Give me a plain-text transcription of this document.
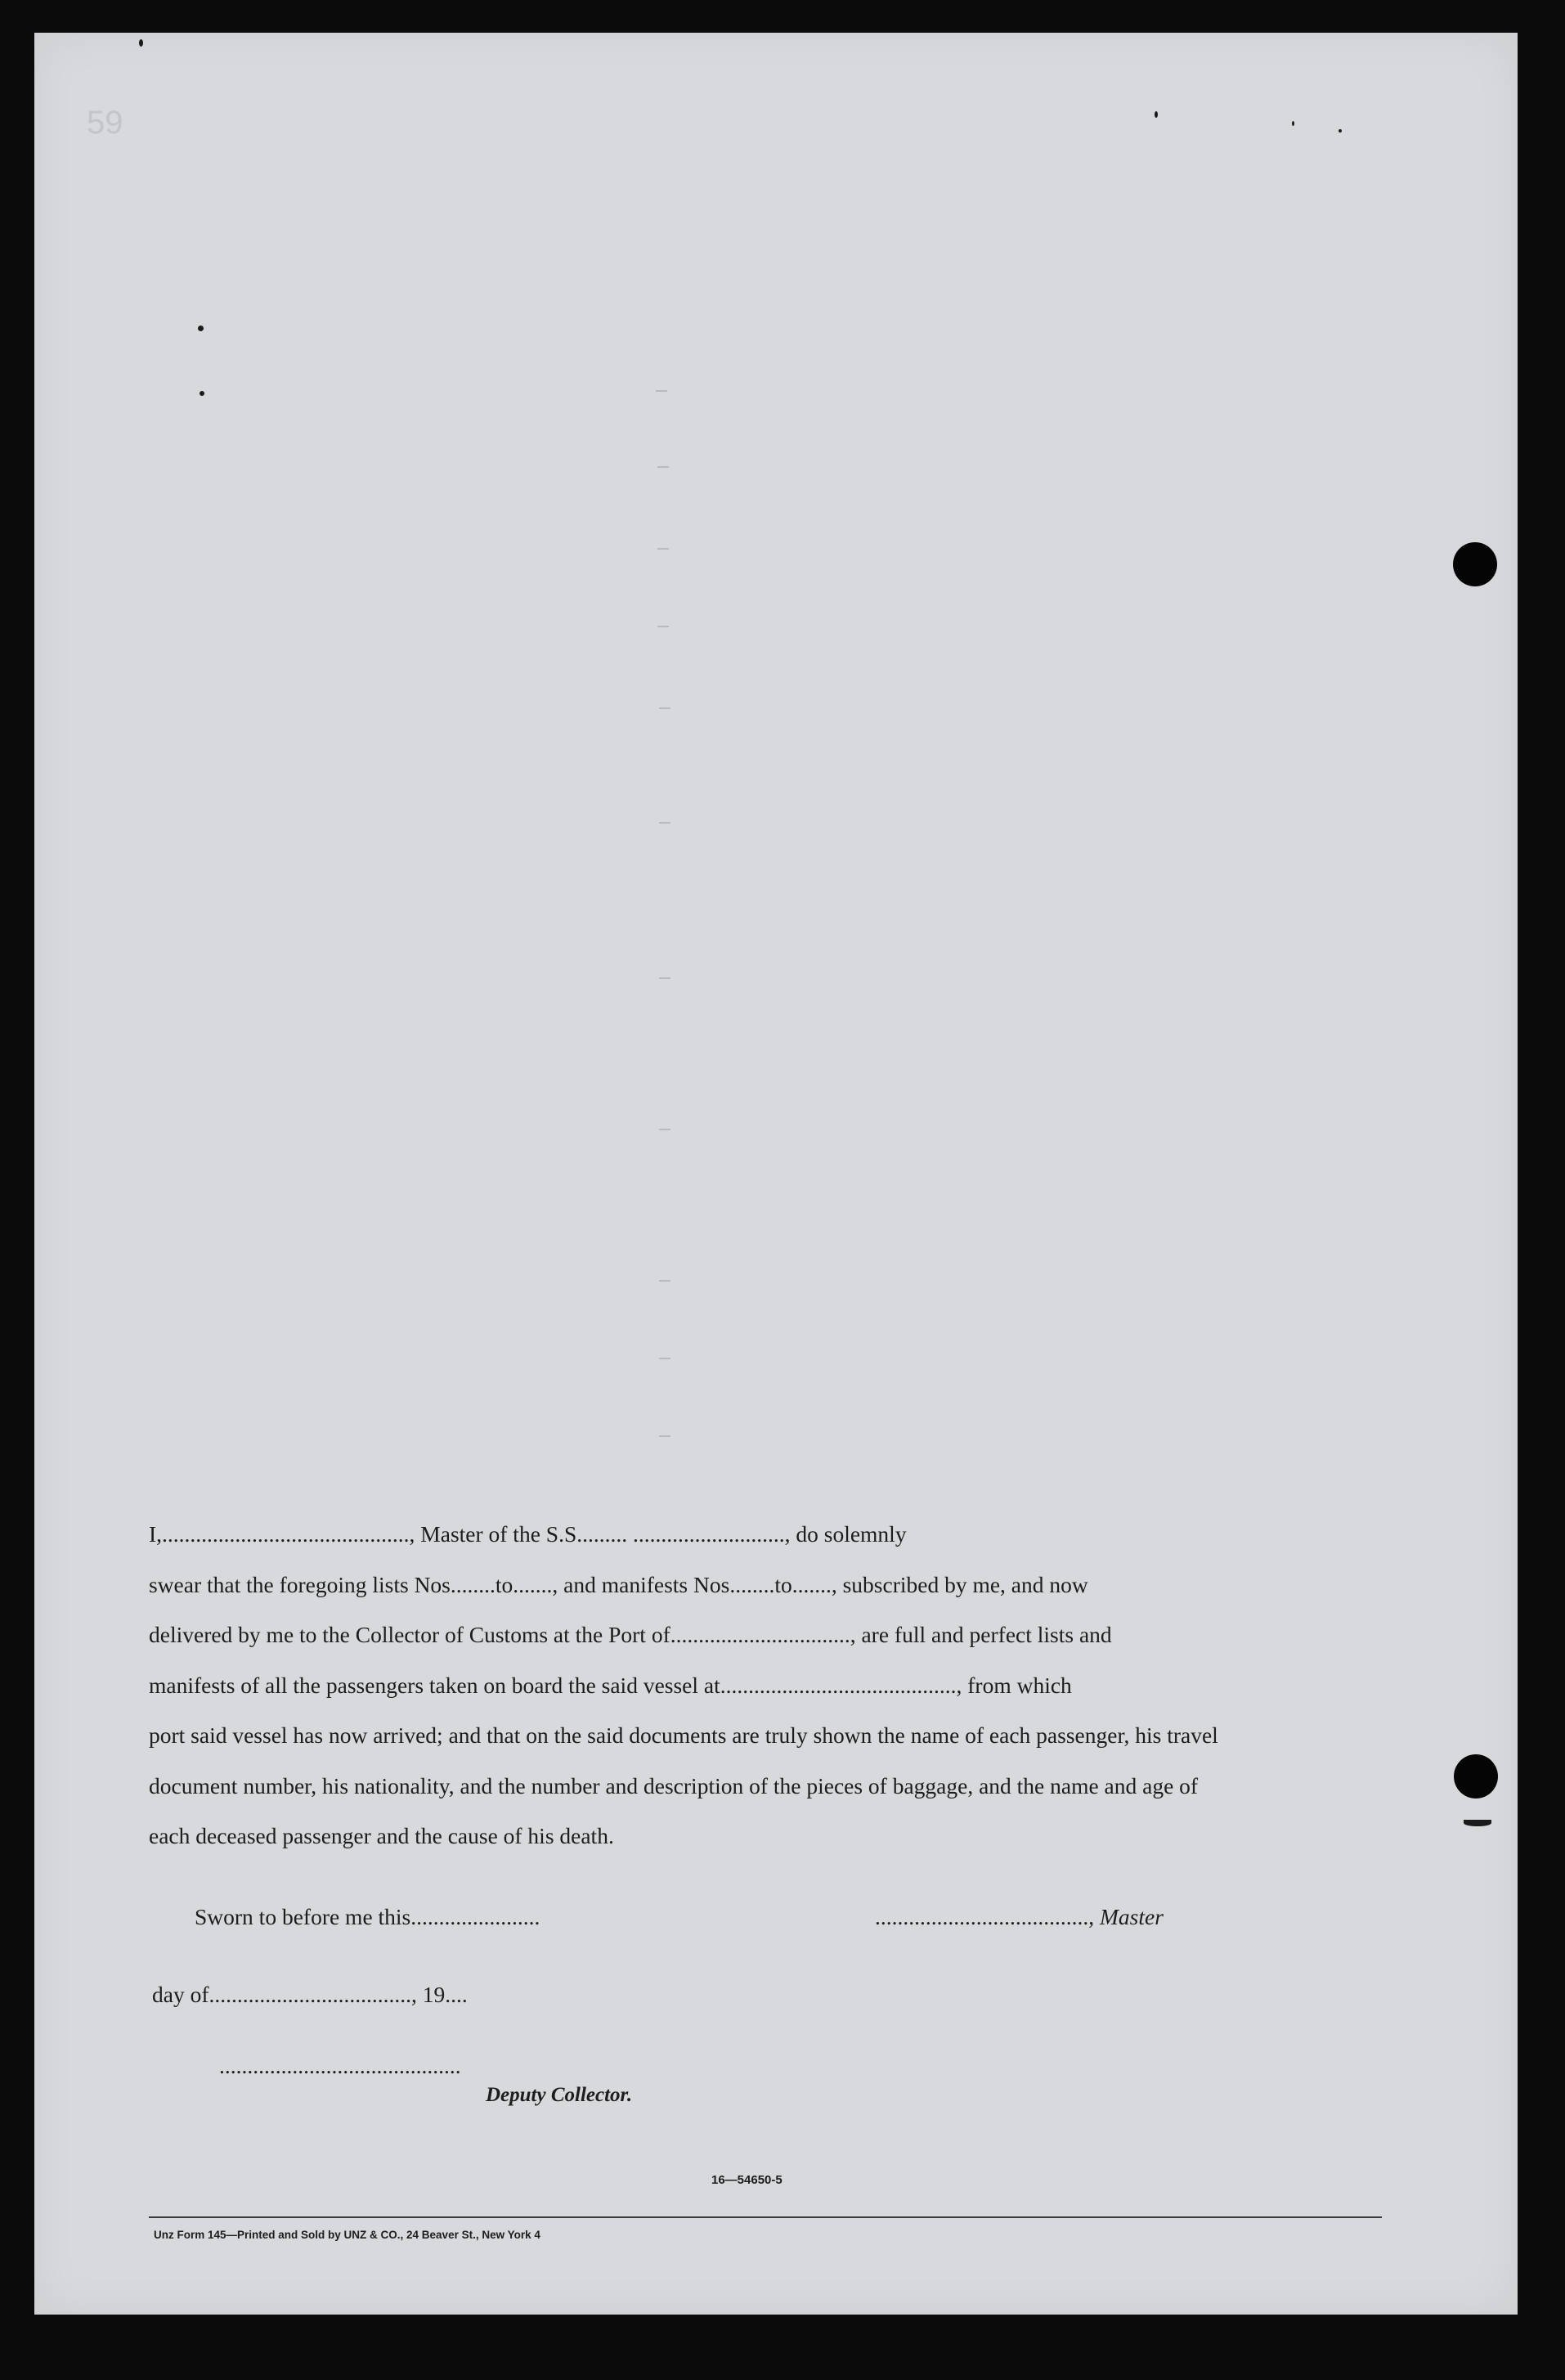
59

I,............................................, Master of the S.S......... ..........................., do solemnly

swear that the foregoing lists Nos........to......., and manifests Nos........to......., subscribed by me, and now

delivered by me to the Collector of Customs at the Port of................................, are full and perfect lists and

manifests of all the passengers taken on board the said vessel at.........................................., from which

port said vessel has now arrived; and that on the said documents are truly shown the name of each passenger, his travel

document number, his nationality, and the number and description of the pieces of baggage, and the name and age of

each deceased passenger and the cause of his death.

Sworn to before me this.......................	......................................, Master
day of...................................., 19....
...........................................
Deputy Collector.
16—54650-5
Unz Form 145—Printed and Sold by UNZ & CO., 24 Beaver St., New York 4
